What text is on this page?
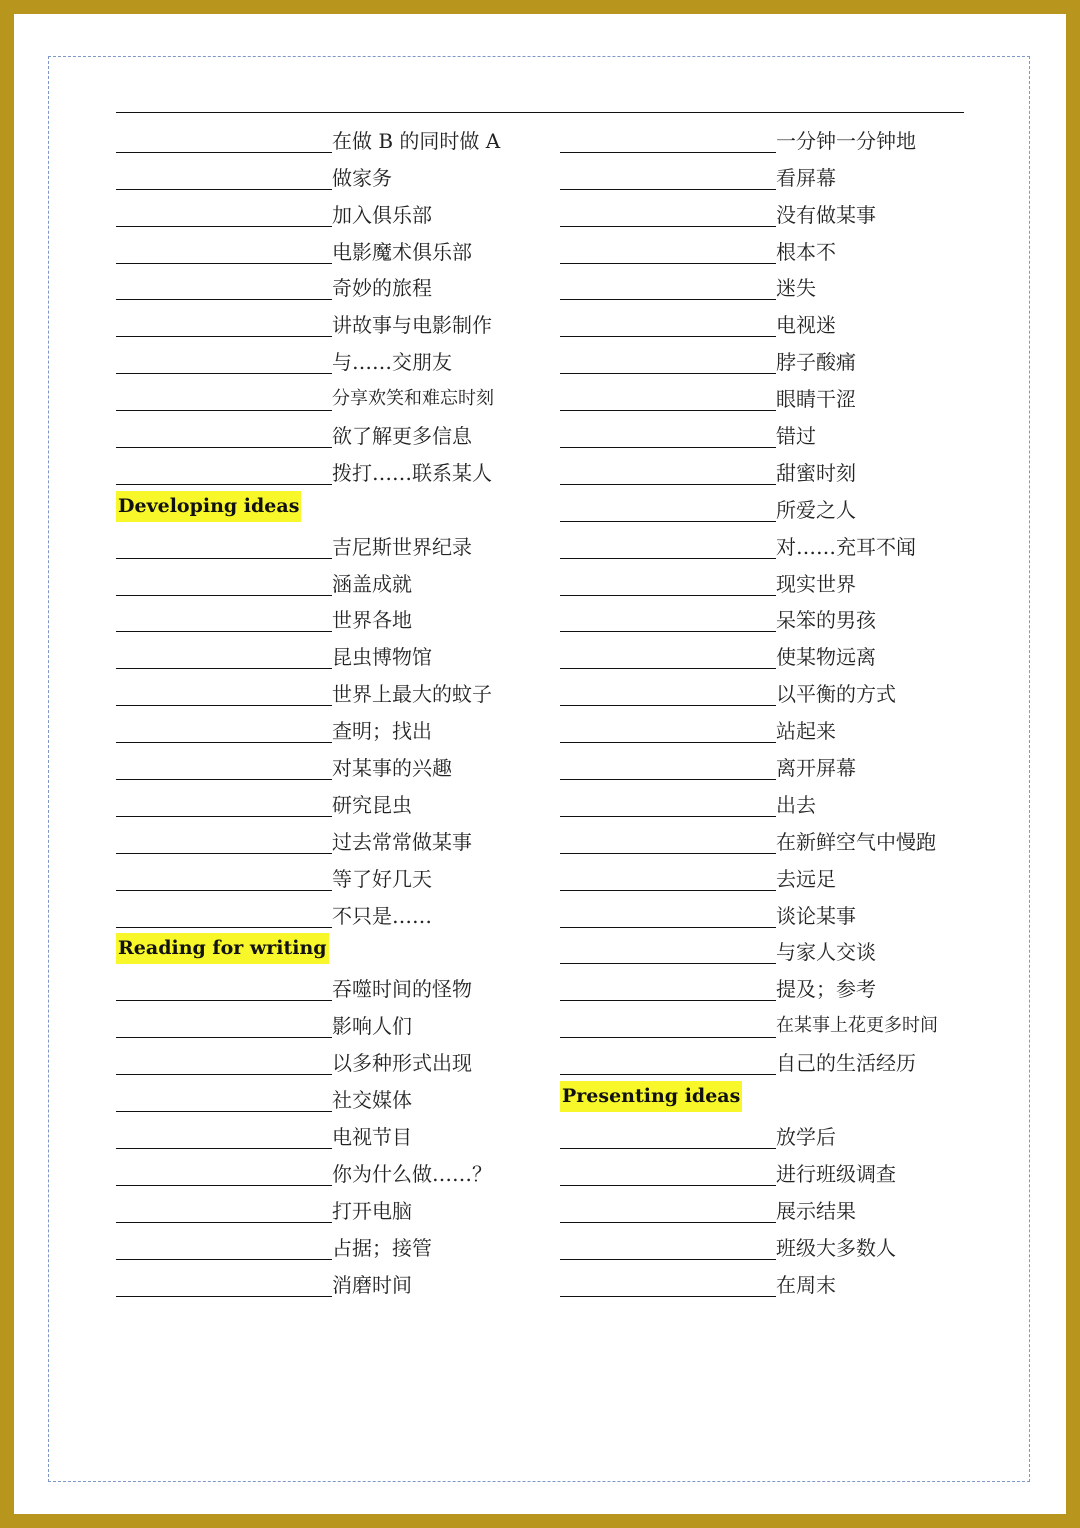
在做 B 的同时做 A
做家务
加入俱乐部
电影魔术俱乐部
奇妙的旅程
讲故事与电影制作
与……交朋友
分享欢笑和难忘时刻
欲了解更多信息
拨打……联系某人
Developing ideas
吉尼斯世界纪录
涵盖成就
世界各地
昆虫博物馆
世界上最大的蚊子
查明；找出
对某事的兴趣
研究昆虫
过去常常做某事
等了好几天
不只是……
Reading for writing
吞噬时间的怪物
影响人们
以多种形式出现
社交媒体
电视节目
你为什么做……？
打开电脑
占据；接管
消磨时间
一分钟一分钟地
看屏幕
没有做某事
根本不
迷失
电视迷
脖子酸痛
眼睛干涩
错过
甜蜜时刻
所爱之人
对……充耳不闻
现实世界
呆笨的男孩
使某物远离
以平衡的方式
站起来
离开屏幕
出去
在新鲜空气中慢跑
去远足
谈论某事
与家人交谈
提及；参考
在某事上花更多时间
自己的生活经历
Presenting ideas
放学后
进行班级调查
展示结果
班级大多数人
在周末
